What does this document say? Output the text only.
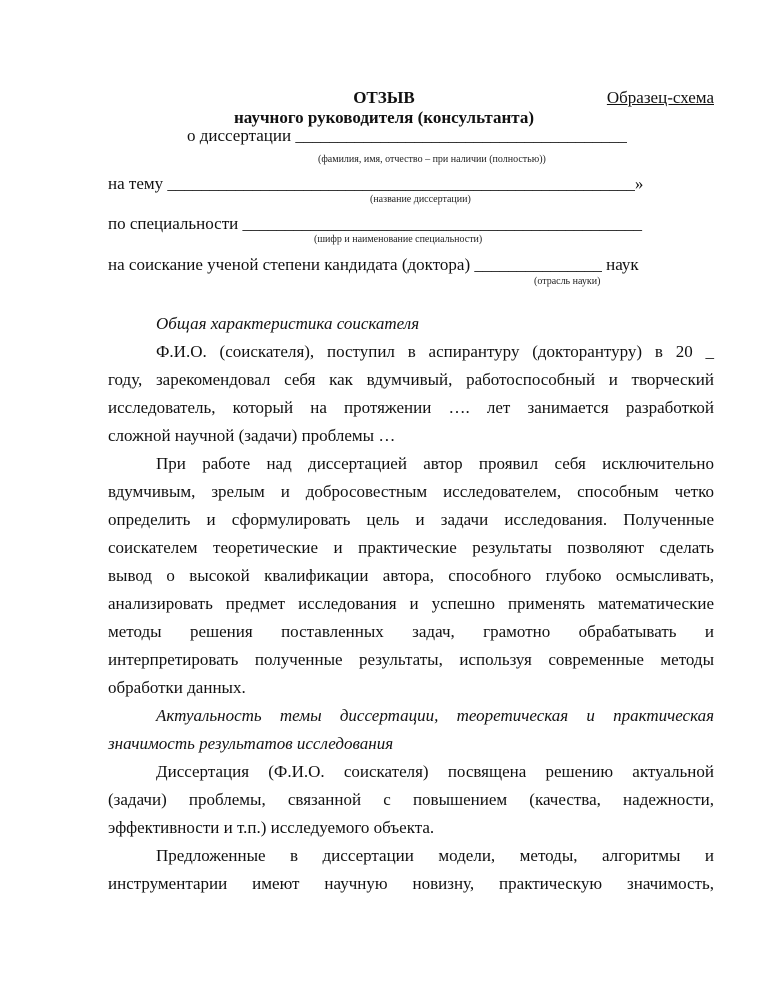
Образец-схема
ОТЗЫВ
научного руководителя (консультанта)
о диссертации _______________________________________
(фамилия, имя, отчество – при наличии (полностью))
на тему _______________________________________________________»
(название диссертации)
по специальности _______________________________________________
(шифр и наименование специальности)
на соискание ученой степени кандидата (доктора) _______________ наук
(отрасль науки)
Общая характеристика соискателя
Ф.И.О. (соискателя), поступил в аспирантуру (докторантуру) в 20 _
году, зарекомендовал себя как вдумчивый, работоспособный и творческий
исследователь, который на протяжении …. лет занимается разработкой
сложной научной (задачи) проблемы …
При работе над диссертацией автор проявил себя исключительно
вдумчивым, зрелым и добросовестным исследователем, способным четко
определить и сформулировать цель и задачи исследования. Полученные
соискателем теоретические и практические результаты позволяют сделать
вывод о высокой квалификации автора, способного глубоко осмысливать,
анализировать предмет исследования и успешно применять математические
методы решения поставленных задач, грамотно обрабатывать и
интерпретировать полученные результаты, используя современные методы
обработки данных.
Актуальность темы диссертации, теоретическая и практическая
значимость результатов исследования
Диссертация (Ф.И.О. соискателя) посвящена решению актуальной
(задачи) проблемы, связанной с повышением (качества, надежности,
эффективности и т.п.) исследуемого объекта.
Предложенные в диссертации модели, методы, алгоритмы и
инструментарии имеют научную новизну, практическую значимость,
